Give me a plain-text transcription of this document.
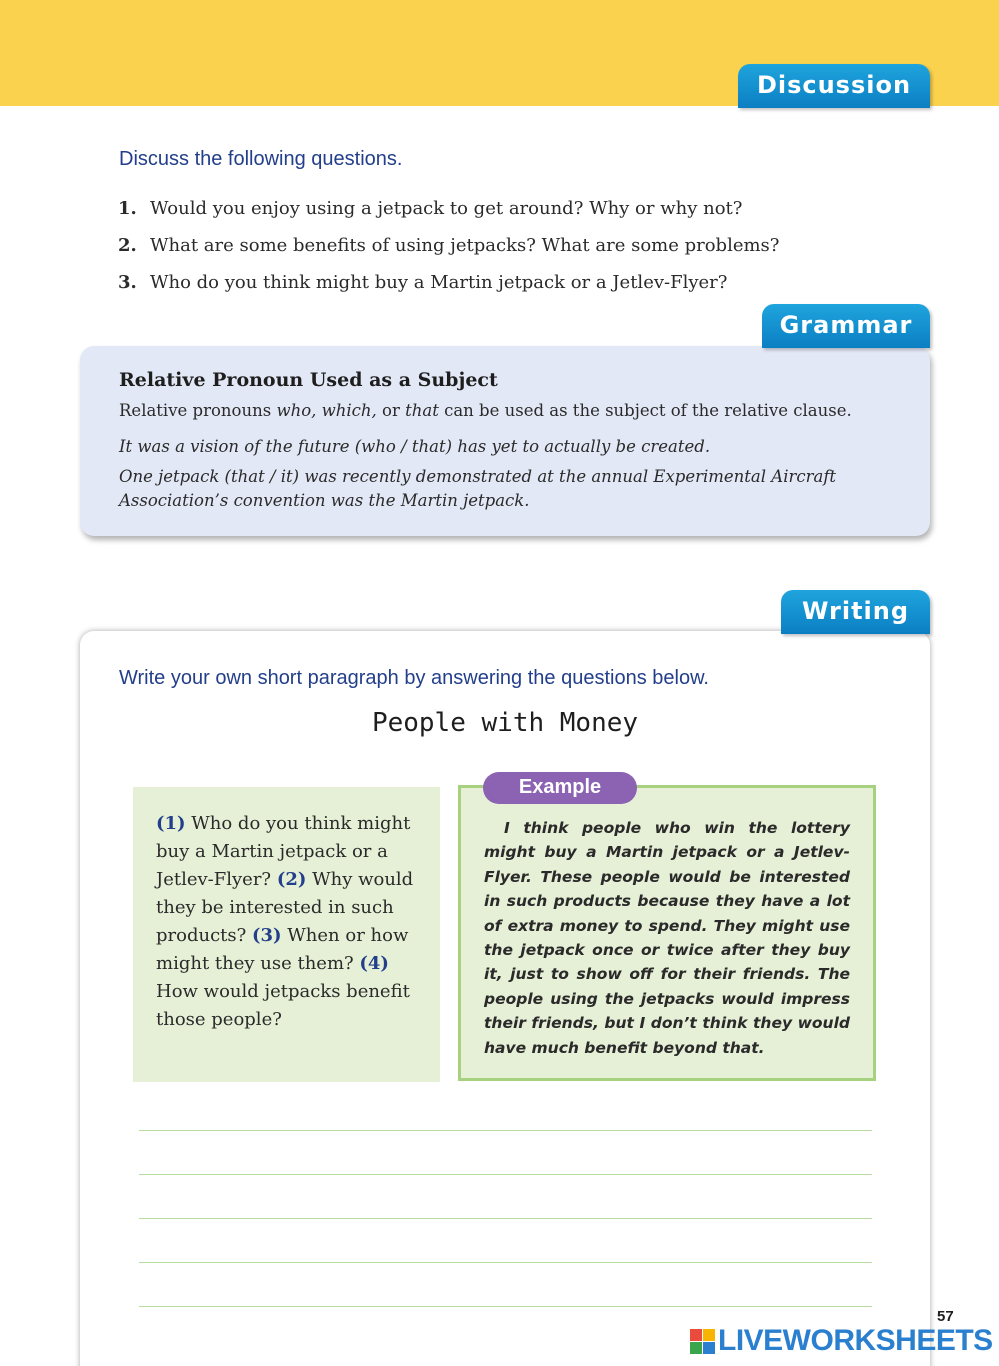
Discussion
Discuss the following questions.
1. Would you enjoy using a jetpack to get around? Why or why not?
2. What are some benefits of using jetpacks? What are some problems?
3. Who do you think might buy a Martin jetpack or a Jetlev-Flyer?
Grammar
Relative Pronoun Used as a Subject
Relative pronouns who, which, or that can be used as the subject of the relative clause.
It was a vision of the future (who / that) has yet to actually be created.
One jetpack (that / it) was recently demonstrated at the annual Experimental Aircraft Association’s convention was the Martin jetpack.
Writing
Write your own short paragraph by answering the questions below.
People with Money
(1) Who do you think might buy a Martin jetpack or a Jetlev-Flyer? (2) Why would they be interested in such products? (3) When or how might they use them? (4) How would jetpacks benefit those people?
Example
I think people who win the lottery might buy a Martin jetpack or a Jetlev-Flyer. These people would be interested in such products because they have a lot of extra money to spend. They might use the jetpack once or twice after they buy it, just to show off for their friends. The people using the jetpacks would impress their friends, but I don’t think they would have much benefit beyond that.
57
LIVEWORKSHEETS
